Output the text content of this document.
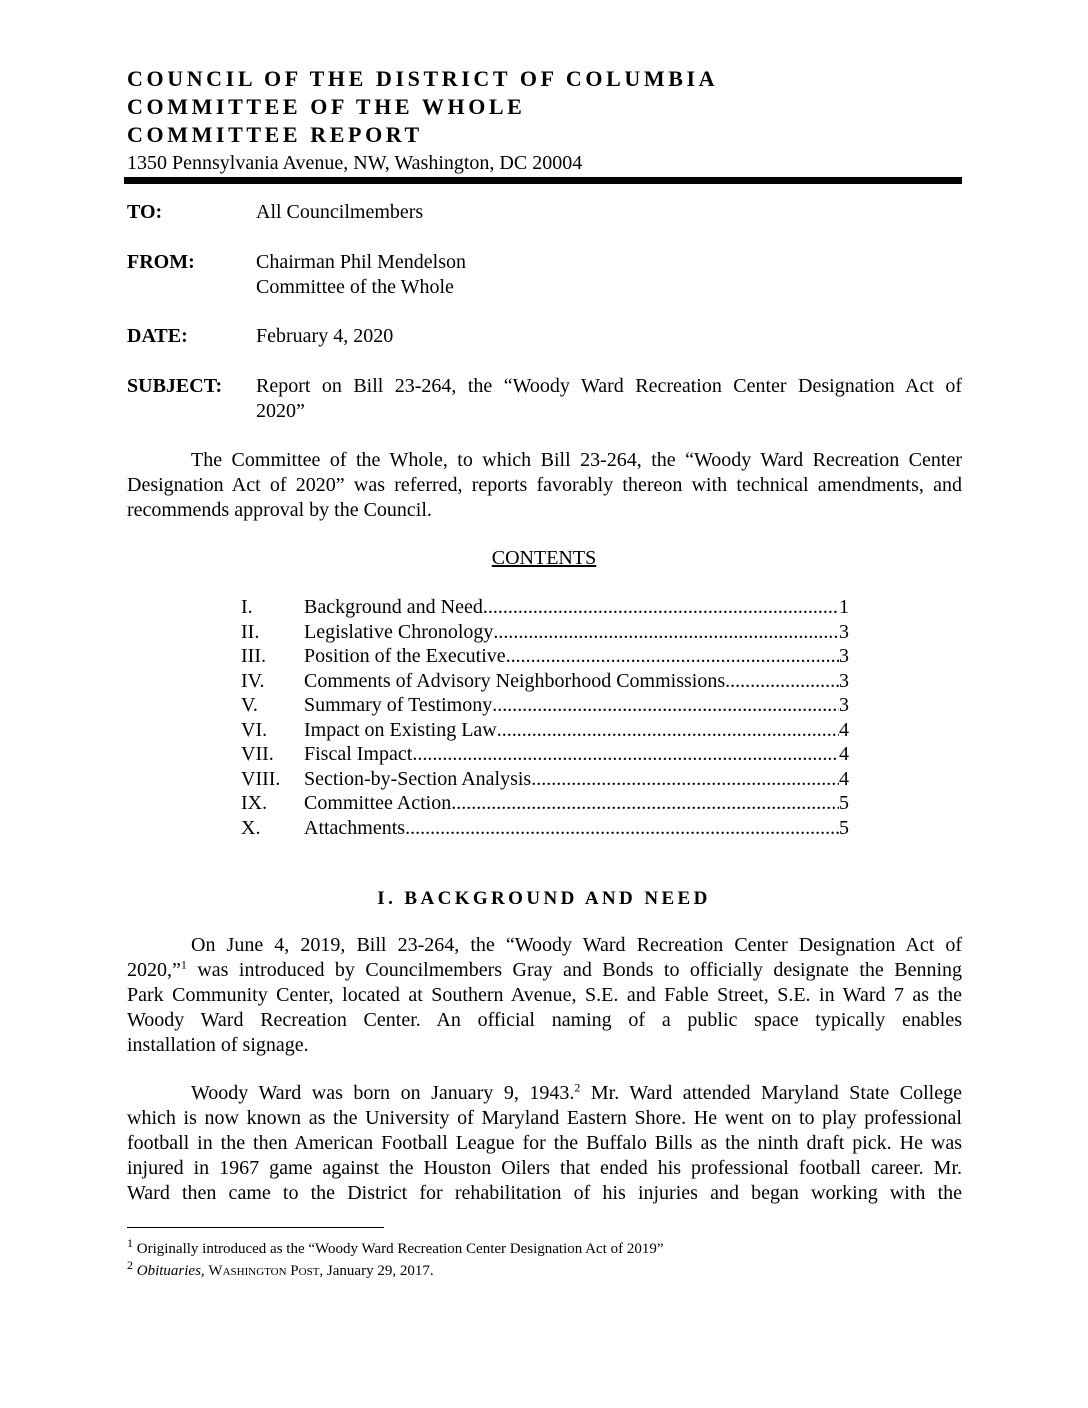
COUNCIL OF THE DISTRICT OF COLUMBIA
COMMITTEE OF THE WHOLE
COMMITTEE REPORT
1350 Pennsylvania Avenue, NW, Washington, DC 20004
TO:	All Councilmembers
FROM:	Chairman Phil Mendelson
Committee of the Whole
DATE:	February 4, 2020
SUBJECT: Report on Bill 23-264, the “Woody Ward Recreation Center Designation Act of
2020”
The Committee of the Whole, to which Bill 23-264, the “Woody Ward Recreation Center
Designation Act of 2020” was referred, reports favorably thereon with technical amendments, and
recommends approval by the Council.
CONTENTS
I.	Background and Need .....	1
II.	Legislative Chronology .....	3
III.	Position of the Executive .....	3
IV.	Comments of Advisory Neighborhood Commissions .....	3
V.	Summary of Testimony .....	3
VI.	Impact on Existing Law .....	4
VII.	Fiscal Impact .....	4
VIII.	Section-by-Section Analysis .....	4
IX.	Committee Action .....	5
X.	Attachments .....	5
I. BACKGROUND AND NEED
On June 4, 2019, Bill 23-264, the “Woody Ward Recreation Center Designation Act of
2020,”$^1$ was introduced by Councilmembers Gray and Bonds to officially designate the Benning
Park Community Center, located at Southern Avenue, S.E. and Fable Street, S.E. in Ward 7 as the
Woody Ward Recreation Center. An official naming of a public space typically enables
installation of signage.
Woody Ward was born on January 9, 1943.$^2$ Mr. Ward attended Maryland State College
which is now known as the University of Maryland Eastern Shore. He went on to play professional
football in the then American Football League for the Buffalo Bills as the ninth draft pick. He was
injured in 1967 game against the Houston Oilers that ended his professional football career. Mr.
Ward then came to the District for rehabilitation of his injuries and began working with the
$^1$ Originally introduced as the “Woody Ward Recreation Center Designation Act of 2019”
$^2$ Obituaries, Washington Post, January 29, 2017.
